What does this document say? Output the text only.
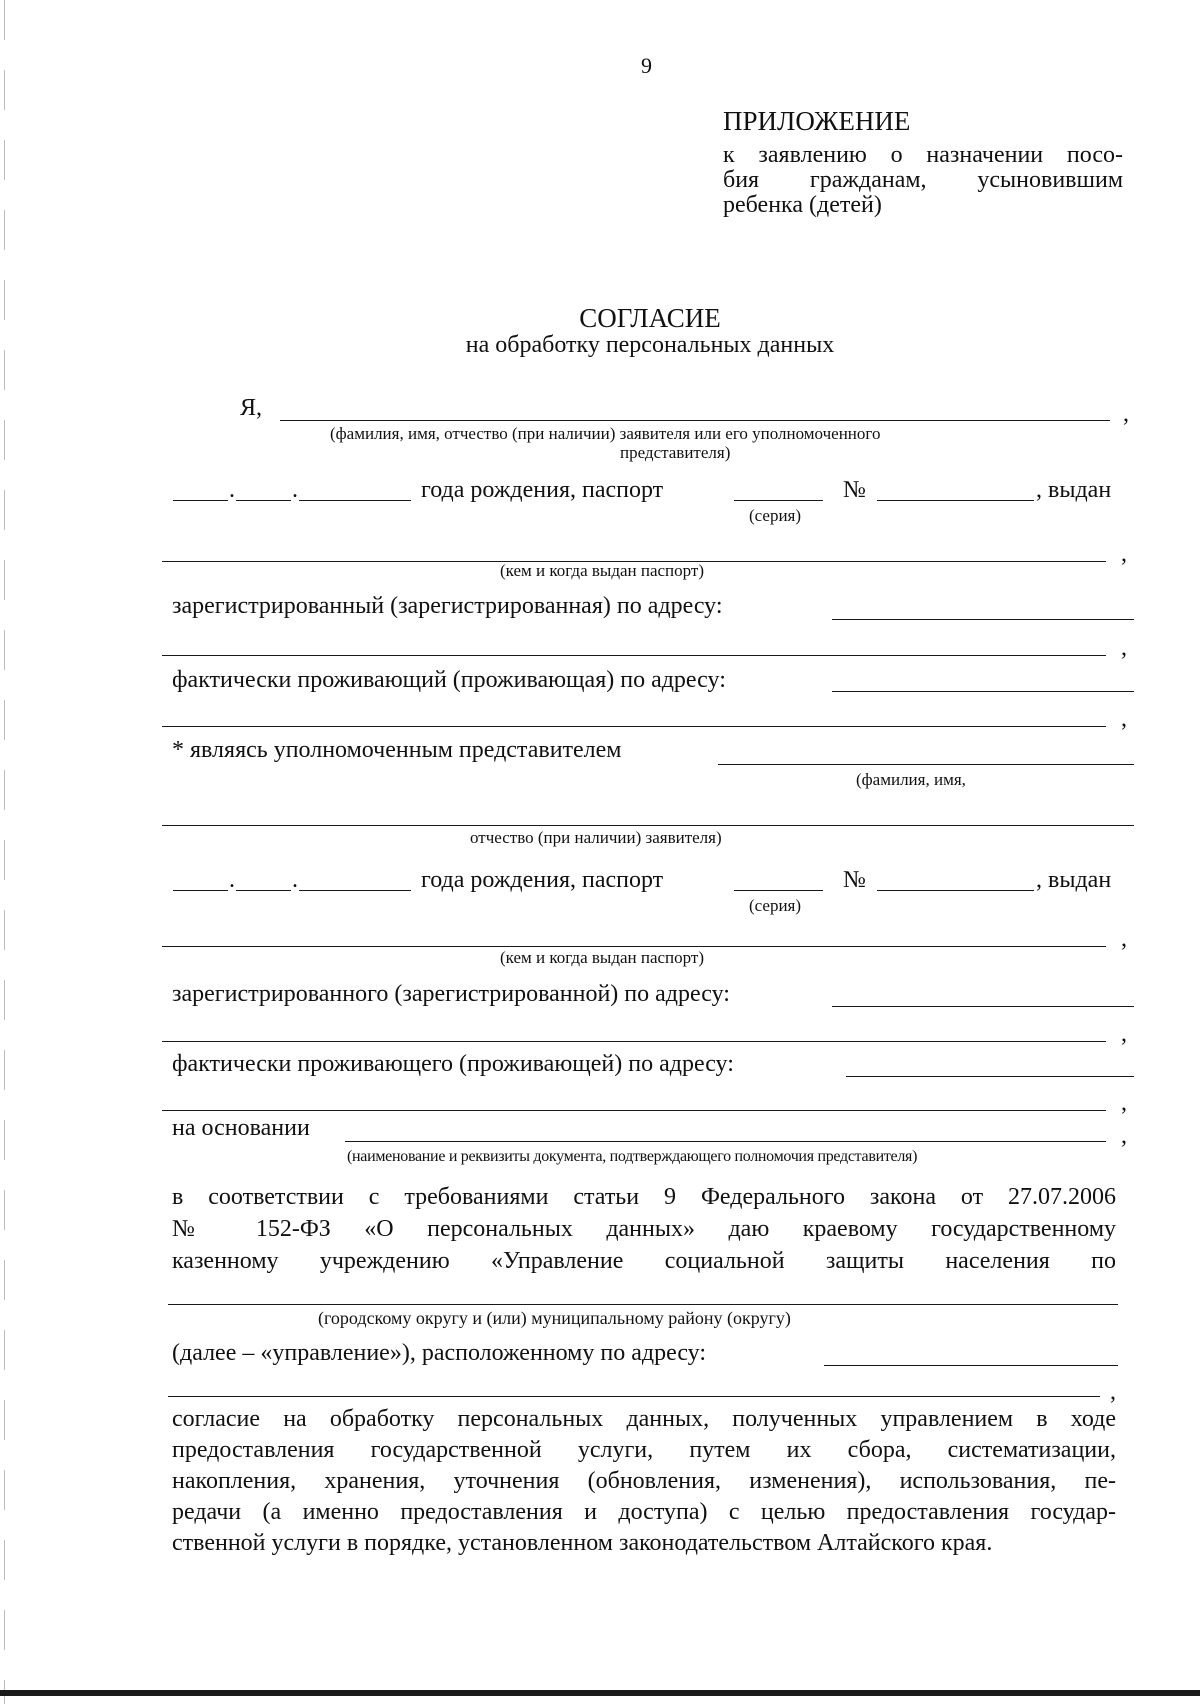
9
ПРИЛОЖЕНИЕ
к заявлению о назначении посо-
бия гражданам, усыновившим
ребенка (детей)
СОГЛАСИЕ
на обработку персональных данных
Я,	,
(фамилия, имя, отчество (при наличии) заявителя или его уполномоченного
представителя)
. .	года рождения, паспорт	№	, выдан
(серия)
,
(кем и когда выдан паспорт)
зарегистрированный (зарегистрированная) по адресу:
,
фактически проживающий (проживающая) по адресу:
,
* являясь уполномоченным представителем
(фамилия, имя,
отчество (при наличии) заявителя)
. .	года рождения, паспорт	№	, выдан
(серия)
,
(кем и когда выдан паспорт)
зарегистрированного (зарегистрированной) по адресу:
,
фактически проживающего (проживающей) по адресу:
,
на основании	,
(наименование и реквизиты документа, подтверждающего полномочия представителя)
в соответствии с требованиями статьи 9 Федерального закона от 27.07.2006
№ 152-ФЗ «О персональных данных» даю краевому государственному
казенному учреждению «Управление социальной защиты населения по
(городскому округу и (или) муниципальному району (округу)
(далее – «управление»), расположенному по адресу:
,
согласие на обработку персональных данных, полученных управлением в ходе
предоставления государственной услуги, путем их сбора, систематизации,
накопления, хранения, уточнения (обновления, изменения), использования, пе-
редачи (а именно предоставления и доступа) с целью предоставления государ-
ственной услуги в порядке, установленном законодательством Алтайского края.
